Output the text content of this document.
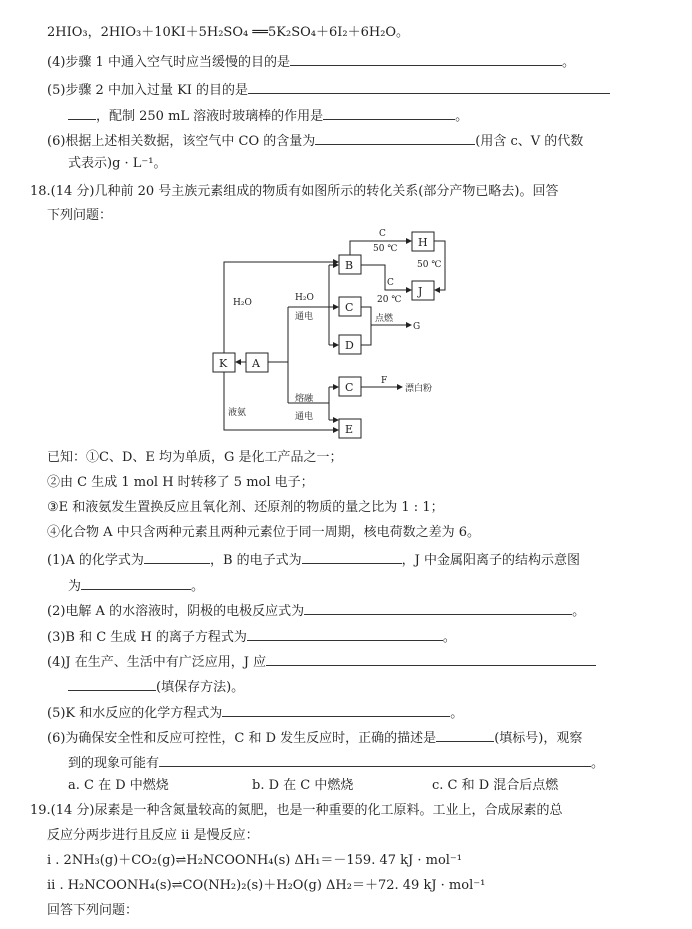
2HIO₃，2HIO₃＋10KI＋5H₂SO₄ ══5K₂SO₄＋6I₂＋6H₂O。
(4)步骤 1 中通入空气时应当缓慢的目的是	。
(5)步骤 2 中加入过量 KI 的目的是
，配制 250 mL 溶液时玻璃棒的作用是	。
(6)根据上述相关数据，该空气中 CO 的含量为	(用含 c、V 的代数
式表示)g · L⁻¹。
18.(14 分)几种前 20 号主族元素组成的物质有如图所示的转化关系(部分产物已略去)。回答
下列问题：
K A
B
C
D
C
E
H
J
H₂O
液氨
H₂O
通电
熔融
通电
C
50 ℃
C
20 ℃
50 ℃
点燃
G
F
漂白粉
已知：①C、D、E 均为单质，G 是化工产品之一；
②由 C 生成 1 mol H 时转移了 5 mol 电子；
③E 和液氨发生置换反应且氧化剂、还原剂的物质的量之比为 1 : 1；
④化合物 A 中只含两种元素且两种元素位于同一周期，核电荷数之差为 6。
(1)A 的化学式为	，B 的电子式为	，J 中金属阳离子的结构示意图
为	。
(2)电解 A 的水溶液时，阴极的电极反应式为	。
(3)B 和 C 生成 H 的离子方程式为	。
(4)J 在生产、生活中有广泛应用，J 应
(填保存方法)。
(5)K 和水反应的化学方程式为	。
(6)为确保安全性和反应可控性，C 和 D 发生反应时，正确的描述是	(填标号)，观察
到的现象可能有	。
a. C 在 D 中燃烧	b. D 在 C 中燃烧	c. C 和 D 混合后点燃
19.(14 分)尿素是一种含氮量较高的氮肥，也是一种重要的化工原料。工业上，合成尿素的总
反应分两步进行且反应 ii 是慢反应：
i . 2NH₃(g)＋CO₂(g)⇌H₂NCOONH₄(s) ΔH₁＝－159. 47 kJ · mol⁻¹
ii . H₂NCOONH₄(s)⇌CO(NH₂)₂(s)＋H₂O(g) ΔH₂＝＋72. 49 kJ · mol⁻¹
回答下列问题：
